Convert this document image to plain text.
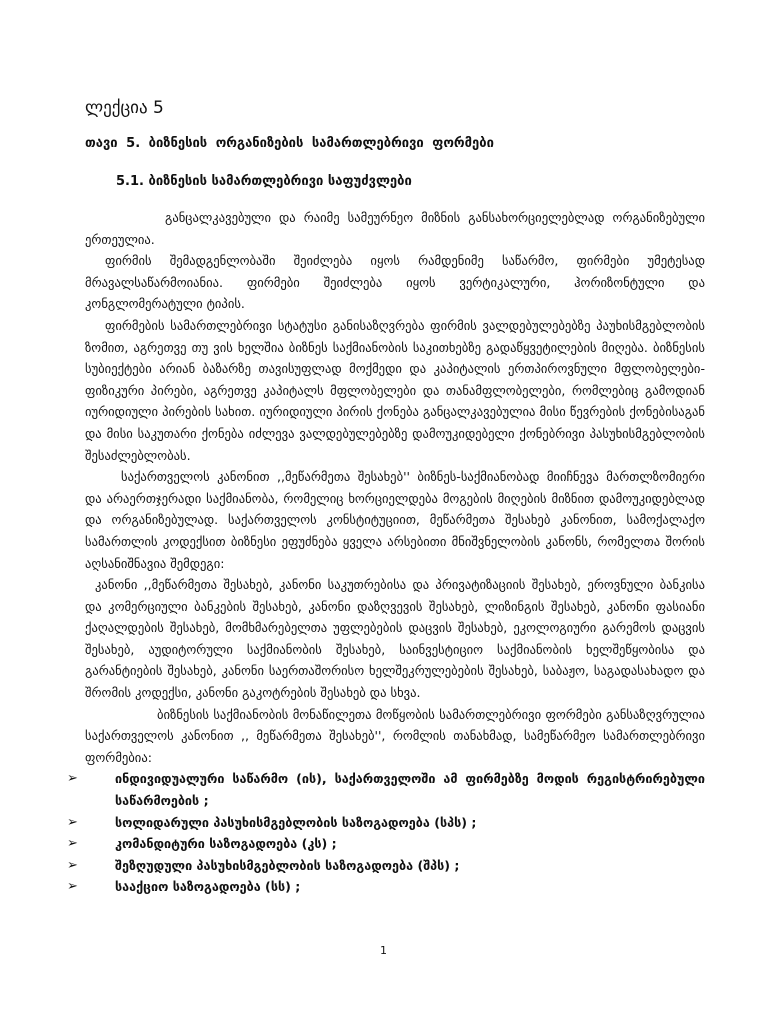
ლექცია 5
თავი 5. ბიზნესის ორგანიზების სამართლებრივი ფორმები
5.1. ბიზნესის სამართლებრივი საფუძვლები

განცალკავებული და რაიმე სამეურნეო მიზნის განსახორციელებლად ორგანიზებული ერთეულია.

ფირმის შემადგენლობაში შეიძლება იყოს რამდენიმე საწარმო, ფირმები უმეტესად მრავალსაწარმოიანია. ფირმები შეიძლება იყოს ვერტიკალური, ჰორიზონტული და კონგლომერატული ტიპის.

ფირმების სამართლებრივი სტატუსი განისაზღვრება ფირმის ვალდებულებებზე პაუხისმგებლობის ზომით, აგრეთვე თუ ვის ხელშია ბიზნეს საქმიანობის საკითხებზე გადაწყვეტილების მიღება. ბიზნესის სუბიექტები არიან ბაზარზე თავისუფლად მოქმედი და კაპიტალის ერთპიროვნული მფლობელები- ფიზიკური პირები, აგრეთვე კაპიტალს მფლობელები და თანამფლობელები, რომლებიც გამოდიან იურიდიული პირების სახით. იურიდიული პირის ქონება განცალკავებულია მისი წევრების ქონებისაგან და მისი საკუთარი ქონება იძლევა ვალდებულებებზე დამოუკიდებელი ქონებრივი პასუხისმგებლობის შესაძლებლობას.

საქართველოს კანონით ,,მეწარმეთა შესახებ'' ბიზნეს-საქმიანობად მიიჩნევა მართლზომიერი და არაერთჯერადი საქმიანობა, რომელიც ხორციელდება მოგების მიღების მიზნით დამოუკიდებლად და ორგანიზებულად. საქართველოს კონსტიტუციით, მეწარმეთა შესახებ კანონით, სამოქალაქო სამართლის კოდექსით ბიზნესი ეფუძნება ყველა არსებითი მნიშვნელობის კანონს, რომელთა შორის აღსანიშნავია შემდეგი:

კანონი ,,მეწარმეთა შესახებ, კანონი საკუთრებისა და პრივატიზაციის შესახებ, ეროვნული ბანკისა და კომერციული ბანკების შესახებ, კანონი დაზღვევის შესახებ, ლიზინგის შესახებ, კანონი ფასიანი ქაღალდების შესახებ, მომხმარებელთა უფლებების დაცვის შესახებ, ეკოლოგიური გარემოს დაცვის შესახებ, აუდიტორული საქმიანობის შესახებ, საინვესტიციო საქმიანობის ხელშეწყობისა და გარანტიების შესახებ, კანონი საერთაშორისო ხელშეკრულებების შესახებ, საბაჟო, საგადასახადო და შრომის კოდექსი, კანონი გაკოტრების შესახებ და სხვა.

ბიზნესის საქმიანობის მონაწილეთა მოწყობის სამართლებრივი ფორმები განსაზღვრულია საქართველოს კანონით ,, მეწარმეთა შესახებ'', რომლის თანახმად, სამეწარმეო სამართლებრივი ფორმებია:

➢	ინდივიდუალური საწარმო (ის), საქართველოში ამ ფირმებზე მოდის რეგისტრირებული საწარმოების ;
➢	სოლიდარული პასუხისმგებლობის საზოგადოება (სპს) ;
➢	კომანდიტური საზოგადოება (კს) ;
➢	შეზღუდული პასუხისმგებლობის საზოგადოება (შპს) ;
➢	სააქციო საზოგადოება (სს) ;
1
